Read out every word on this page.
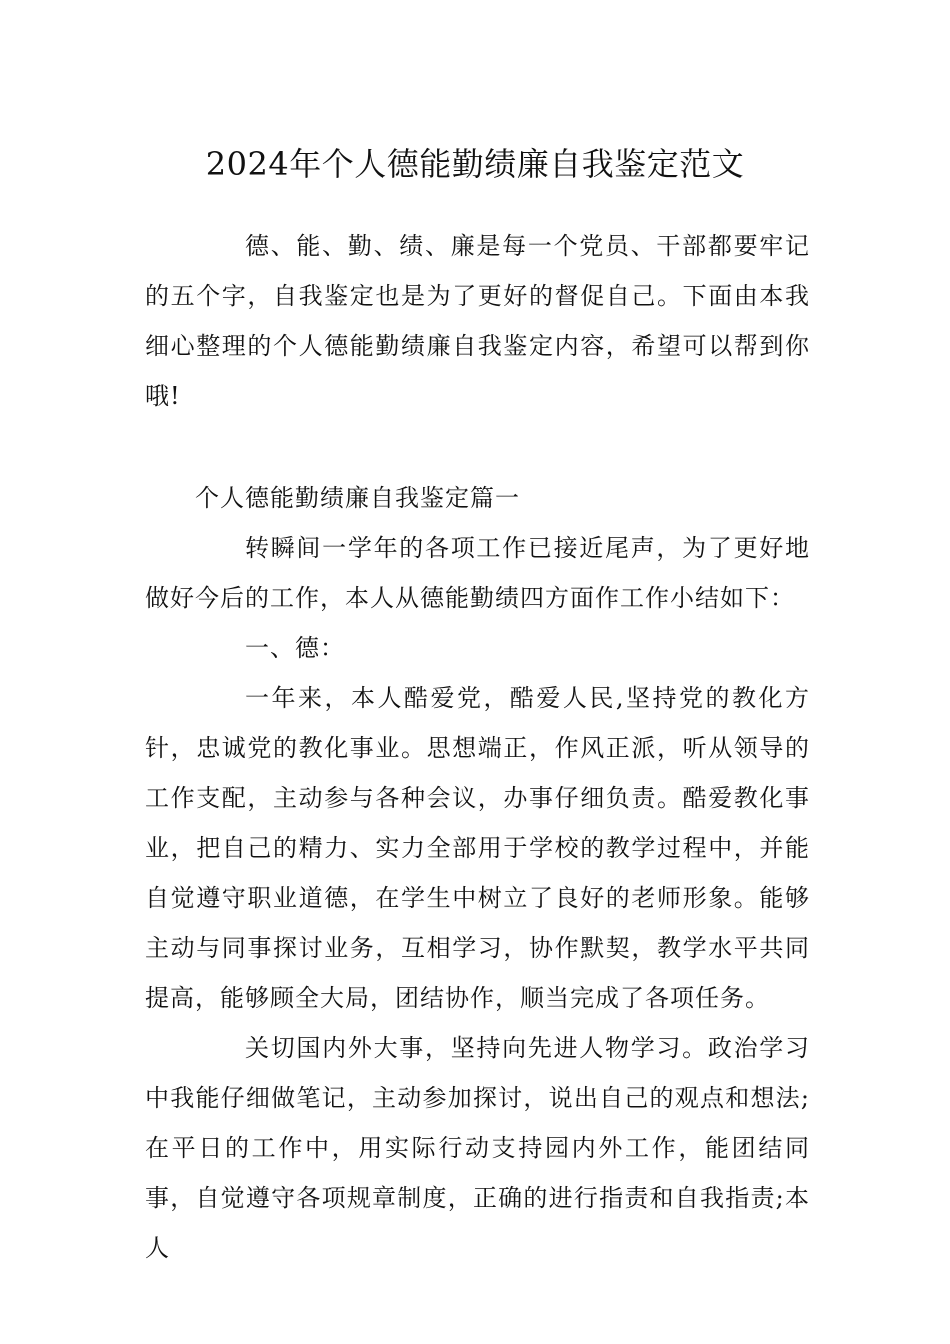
2024年个人德能勤绩廉自我鉴定范文

德、能、勤、绩、廉是每一个党员、干部都要牢记的五个字，自我鉴定也是为了更好的督促自己。下面由本我细心整理的个人德能勤绩廉自我鉴定内容，希望可以帮到你哦!

个人德能勤绩廉自我鉴定篇一

转瞬间一学年的各项工作已接近尾声，为了更好地做好今后的工作，本人从德能勤绩四方面作工作小结如下：

一、德：

一年来，本人酷爱党，酷爱人民,坚持党的教化方针，忠诚党的教化事业。思想端正，作风正派，听从领导的工作支配，主动参与各种会议，办事仔细负责。酷爱教化事业，把自己的精力、实力全部用于学校的教学过程中，并能自觉遵守职业道德，在学生中树立了良好的老师形象。能够主动与同事探讨业务，互相学习，协作默契，教学水平共同提高，能够顾全大局，团结协作，顺当完成了各项任务。

关切国内外大事，坚持向先进人物学习。政治学习中我能仔细做笔记，主动参加探讨，说出自己的观点和想法;在平日的工作中，用实际行动支持园内外工作，能团结同事，自觉遵守各项规章制度，正确的进行指责和自我指责;本人
